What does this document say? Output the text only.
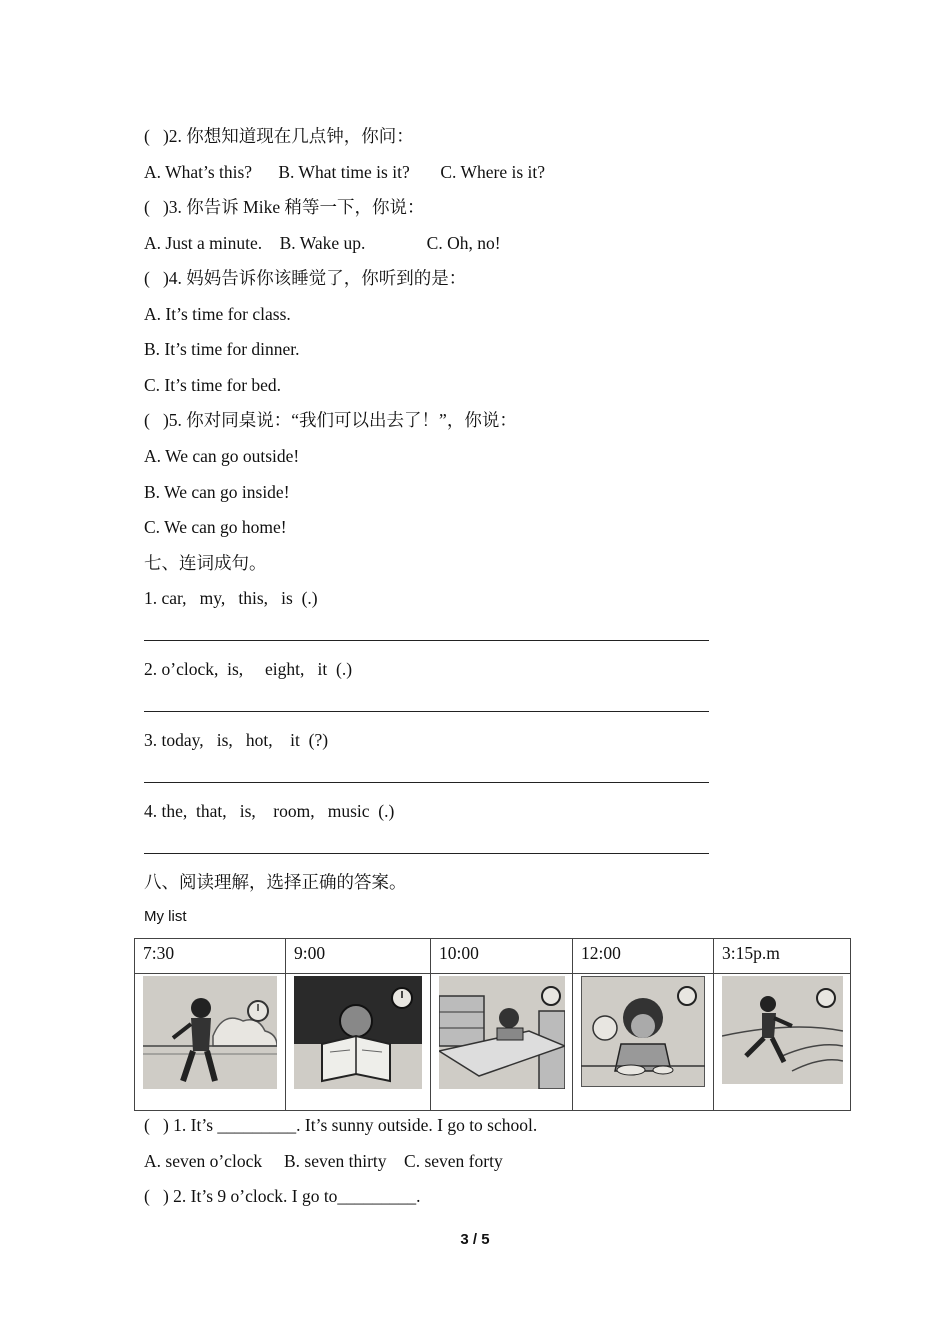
(   )2. 你想知道现在几点钟，你问：
A. What’s this? B. What time is it? C. Where is it?
(   )3. 你告诉 Mike 稍等一下，你说：
A. Just a minute. B. Wake up.	C. Oh, no!
(   )4. 妈妈告诉你该睡觉了，你听到的是：
A. It’s time for class.
B. It’s time for dinner.
C. It’s time for bed.
(   )5. 你对同桌说：“我们可以出去了！”，你说：
A. We can go outside!
B. We can go inside!
C. We can go home!
七、连词成句。
1. car,   my,   this,   is  (.)
2. o’clock,  is,     eight,   it  (.)
3. today,   is,   hot,    it  (?)
4. the,  that,   is,    room,   music  (.)
八、阅读理解，选择正确的答案。
My list
7:30	9:00	10:00	12:00	3:15p.m

(   ) 1. It’s _________. It’s sunny outside. I go to school.
A. seven o’clock B. seven thirty C. seven forty
(   ) 2. It’s 9 o’clock. I go to_________.
3 / 5
